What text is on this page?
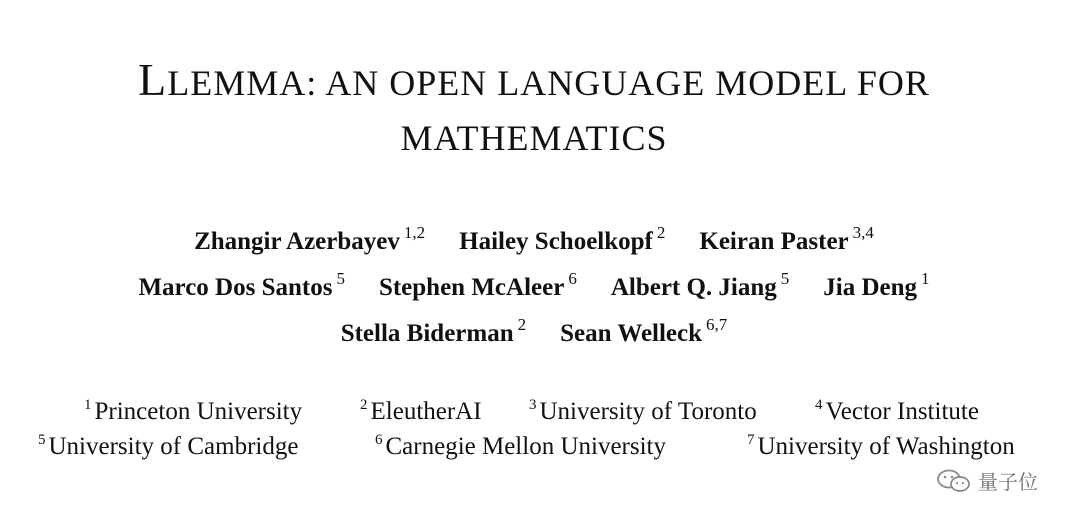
LLEMMA: AN OPEN LANGUAGE MODEL FOR
MATHEMATICS
Zhangir Azerbayev 1,2 Hailey Schoelkopf 2 Keiran Paster 3,4
Marco Dos Santos 5 Stephen McAleer 6 Albert Q. Jiang 5 Jia Deng 1
Stella Biderman 2 Sean Welleck 6,7
1 Princeton University	2 EleutherAI	3 University of Toronto	4 Vector Institute
5 University of Cambridge	6 Carnegie Mellon University	7 University of Washington
量子位
